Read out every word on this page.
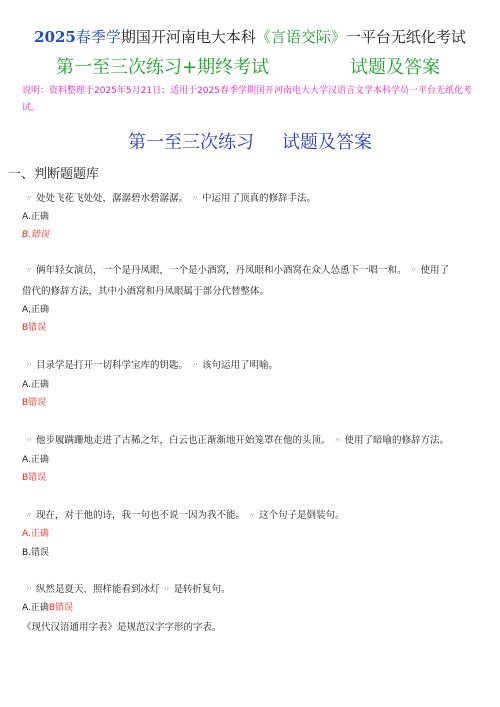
2025春季学期国开河南电大本科《言语交际》一平台无纸化考试
第一至三次练习+期终考试	试题及答案
说明：资料整理于2025年5月21日；适用于2025春季学期国开河南电大大学汉语言文学本科学员一平台无纸化考试。
第一至三次练习 试题及答案
一、判断题题库
〃 处处飞花飞处处，潺潺碧水碧潺潺。 〃 中运用了顶真的修辞手法。
A.正确
B.错误
〃 俩年轻女演员，一个是丹凤眼，一个是小酒窝，丹凤眼和小酒窝在众人怂恿下一唱一和。 〃 使用了
借代的修辞方法，其中小酒窝和丹凤眼属于部分代替整体。
A,正确
B错误
〃 目录学是打开一切科学宝库的钥匙。 〃 该句运用了明喻。
A.正确
B错误
〃 他步履蹒跚地走进了古稀之年，白云也正渐渐地开始笼罩在他的头顶。 〃 使用了暗喻的修辞方法。
A.正确
B错误
〃 现在，对于他的诗，我一句也不说一因为我不能。 〃 这个句子是倒装句。
A.正确
B.错误
〃 纵然是夏天，照样能看到冰灯 〃 是转折复句。
A.正确B错误
《现代汉语通用字表》是规范汉字字形的字表。
